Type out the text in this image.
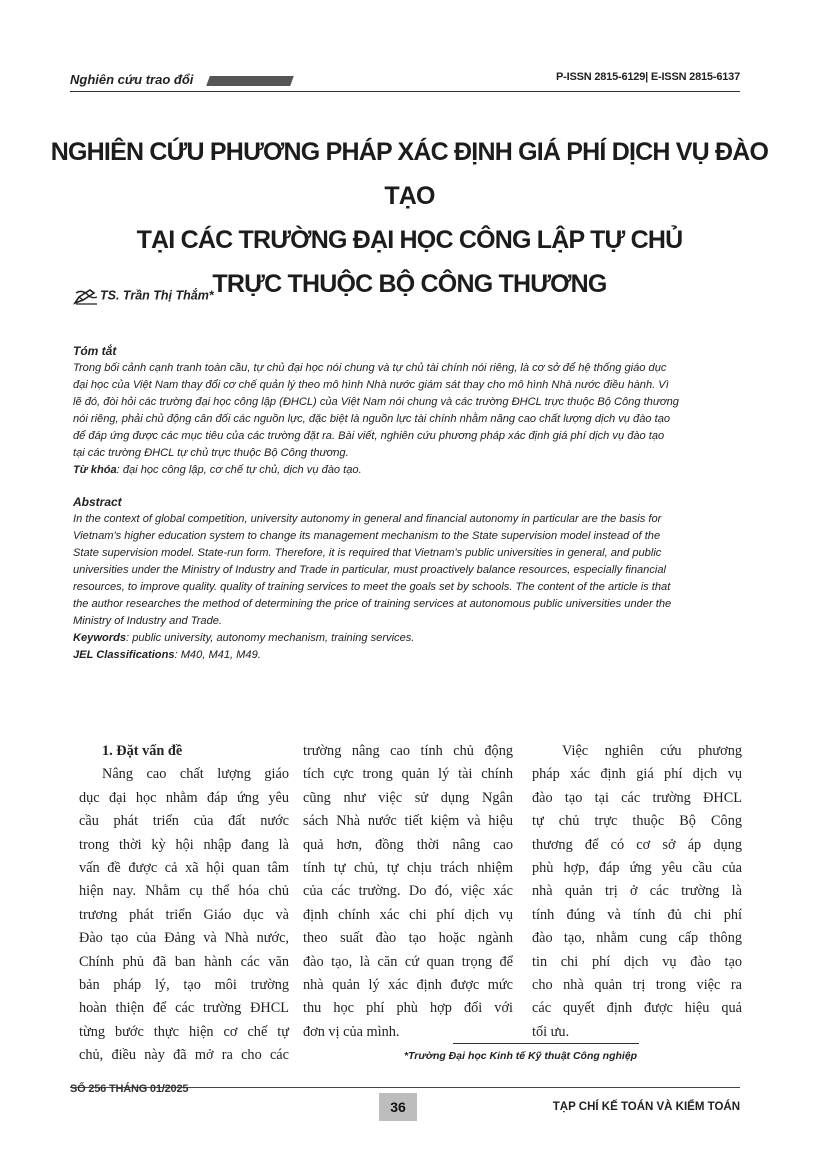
Nghiên cứu trao đổi	P-ISSN 2815-6129| E-ISSN 2815-6137
NGHIÊN CỨU PHƯƠNG PHÁP XÁC ĐỊNH GIÁ PHÍ DỊCH VỤ ĐÀO TẠO
TẠI CÁC TRƯỜNG ĐẠI HỌC CÔNG LẬP TỰ CHỦ
TRỰC THUỘC BỘ CÔNG THƯƠNG
TS. Trần Thị Thắm*
Tóm tắt
Trong bối cảnh cạnh tranh toàn cầu, tự chủ đại học nói chung và tự chủ tài chính nói riêng, là cơ sở để hệ thống giáo dục
đại học của Việt Nam thay đổi cơ chế quản lý theo mô hình Nhà nước giám sát thay cho mô hình Nhà nước điều hành. Vì
lẽ đó, đòi hỏi các trường đại học công lập (ĐHCL) của Việt Nam nói chung và các trường ĐHCL trực thuộc Bộ Công thương
nói riêng, phải chủ động cân đối các nguồn lực, đặc biệt là nguồn lực tài chính nhằm nâng cao chất lượng dịch vụ đào tạo
để đáp ứng được các mục tiêu của các trường đặt ra. Bài viết, nghiên cứu phương pháp xác định giá phí dịch vụ đào tạo
tại các trường ĐHCL tự chủ trực thuộc Bộ Công thương.
Từ khóa: đại học công lập, cơ chế tự chủ, dịch vụ đào tạo.
Abstract
In the context of global competition, university autonomy in general and financial autonomy in particular are the basis for
Vietnam's higher education system to change its management mechanism to the State supervision model instead of the
State supervision model. State-run form. Therefore, it is required that Vietnam's public universities in general, and public
universities under the Ministry of Industry and Trade in particular, must proactively balance resources, especially financial
resources, to improve quality. quality of training services to meet the goals set by schools. The content of the article is that
the author researches the method of determining the price of training services at autonomous public universities under the
Ministry of Industry and Trade.
Keywords: public university, autonomy mechanism, training services.
JEL Classifications: M40, M41, M49.

1. Đặt vấn đề

Nâng cao chất lượng giáo

dục đại học nhằm đáp ứng yêu

cầu phát triển của đất nước

trong thời kỳ hội nhập đang là

vấn đề được cả xã hội quan tâm

hiện nay. Nhằm cụ thể hóa chủ

trương phát triển Giáo dục và

Đào tạo của Đảng và Nhà nước,

Chính phủ đã ban hành các văn

bản pháp lý, tạo môi trường

hoàn thiện để các trường ĐHCL

từng bước thực hiện cơ chế tự

chủ, điều này đã mở ra cho các

trường nâng cao tính chủ động

tích cực trong quản lý tài chính

cũng như việc sử dụng Ngân

sách Nhà nước tiết kiệm và hiệu

quả hơn, đồng thời nâng cao

tính tự chủ, tự chịu trách nhiệm

của các trường. Do đó, việc xác

định chính xác chi phí dịch vụ

theo suất đào tạo hoặc ngành

đào tạo, là căn cứ quan trọng để

nhà quản lý xác định được mức

thu học phí phù hợp đối với

đơn vị của mình.

Việc nghiên cứu phương

pháp xác định giá phí dịch vụ

đào tạo tại các trường ĐHCL

tự chủ trực thuộc Bộ Công

thương để có cơ sở áp dụng

phù hợp, đáp ứng yêu cầu của

nhà quản trị ở các trường là

tính đúng và tính đủ chi phí

đào tạo, nhằm cung cấp thông

tin chi phí dịch vụ đào tạo

cho nhà quản trị trong việc ra

các quyết định được hiệu quả

tối ưu.

*Trường Đại học Kinh tế Kỹ thuật Công nghiệp
SỐ 256 THÁNG 01/2025
36	TẠP CHÍ KẾ TOÁN VÀ KIỂM TOÁN
